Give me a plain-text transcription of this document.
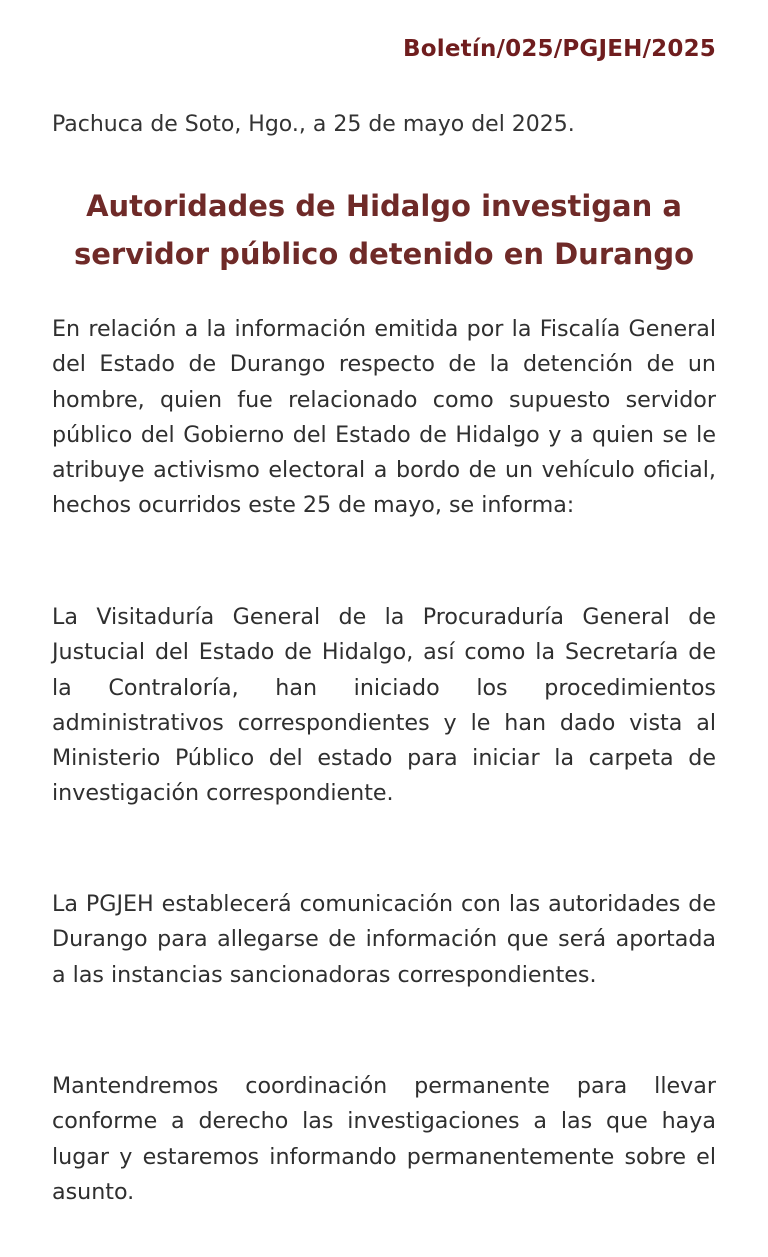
Boletín/025/PGJEH/2025
Pachuca de Soto, Hgo., a 25 de mayo del 2025.
Autoridades de Hidalgo investigan a
servidor público detenido en Durango

En relación a la información emitida por la Fiscalía General del Estado de Durango respecto de la detención de un hombre, quien fue relacionado como supuesto servidor público del Gobierno del Estado de Hidalgo y a quien se le atribuye activismo electoral a bordo de un vehículo oficial, hechos ocurridos este 25 de mayo, se informa:

La Visitaduría General de la Procuraduría General de Justucial del Estado de Hidalgo, así como la Secretaría de la Contraloría, han iniciado los procedimientos administrativos correspondientes y le han dado vista al Ministerio Público del estado para iniciar la carpeta de investigación correspondiente.

La PGJEH establecerá comunicación con las autoridades de Durango para allegarse de información que será aportada a las instancias sancionadoras correspondientes.

Mantendremos coordinación permanente para llevar conforme a derecho las investigaciones a las que haya lugar y estaremos informando permanentemente sobre el asunto.
